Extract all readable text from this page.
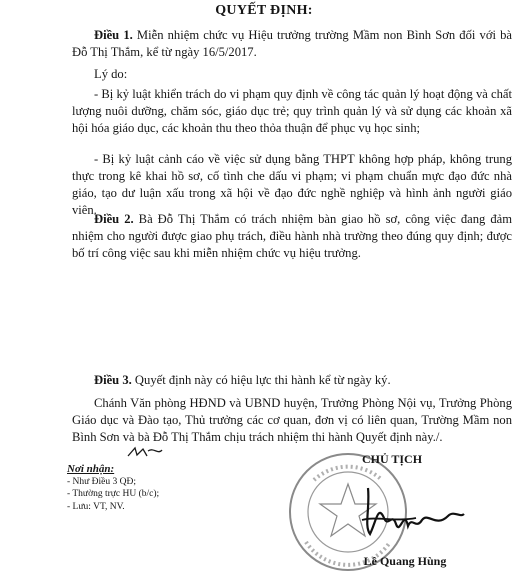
QUYẾT ĐỊNH:

Điều 1. Miễn nhiệm chức vụ Hiệu trưởng trường Mầm non Bình Sơn đối với bà Đỗ Thị Thắm, kể từ ngày 16/5/2017.

Lý do:

- Bị kỷ luật khiển trách do vi phạm quy định về công tác quản lý hoạt động và chất lượng nuôi dưỡng, chăm sóc, giáo dục trẻ; quy trình quản lý và sử dụng các khoản xã hội hóa giáo dục, các khoản thu theo thỏa thuận để phục vụ học sinh;

- Bị kỷ luật cảnh cáo về việc sử dụng bằng THPT không hợp pháp, không trung thực trong kê khai hồ sơ, cố tình che dấu vi phạm; vi phạm chuẩn mực đạo đức nhà giáo, tạo dư luận xấu trong xã hội về đạo đức nghề nghiệp và hình ảnh người giáo viên.

Điều 2. Bà Đỗ Thị Thắm có trách nhiệm bàn giao hồ sơ, công việc đang đảm nhiệm cho người được giao phụ trách, điều hành nhà trường theo đúng quy định; được bố trí công việc sau khi miễn nhiệm chức vụ hiệu trưởng.

Điều 3. Quyết định này có hiệu lực thi hành kể từ ngày ký.

Chánh Văn phòng HĐND và UBND huyện, Trưởng Phòng Nội vụ, Trưởng Phòng Giáo dục và Đào tạo, Thủ trưởng các cơ quan, đơn vị có liên quan, Trường Mầm non Bình Sơn và bà Đỗ Thị Thắm chịu trách nhiệm thi hành Quyết định này./.

Nơi nhận:
- Như Điều 3 QĐ;
- Thường trực HU (b/c);
- Lưu: VT, NV.
CHỦ TỊCH
Lê Quang Hùng
